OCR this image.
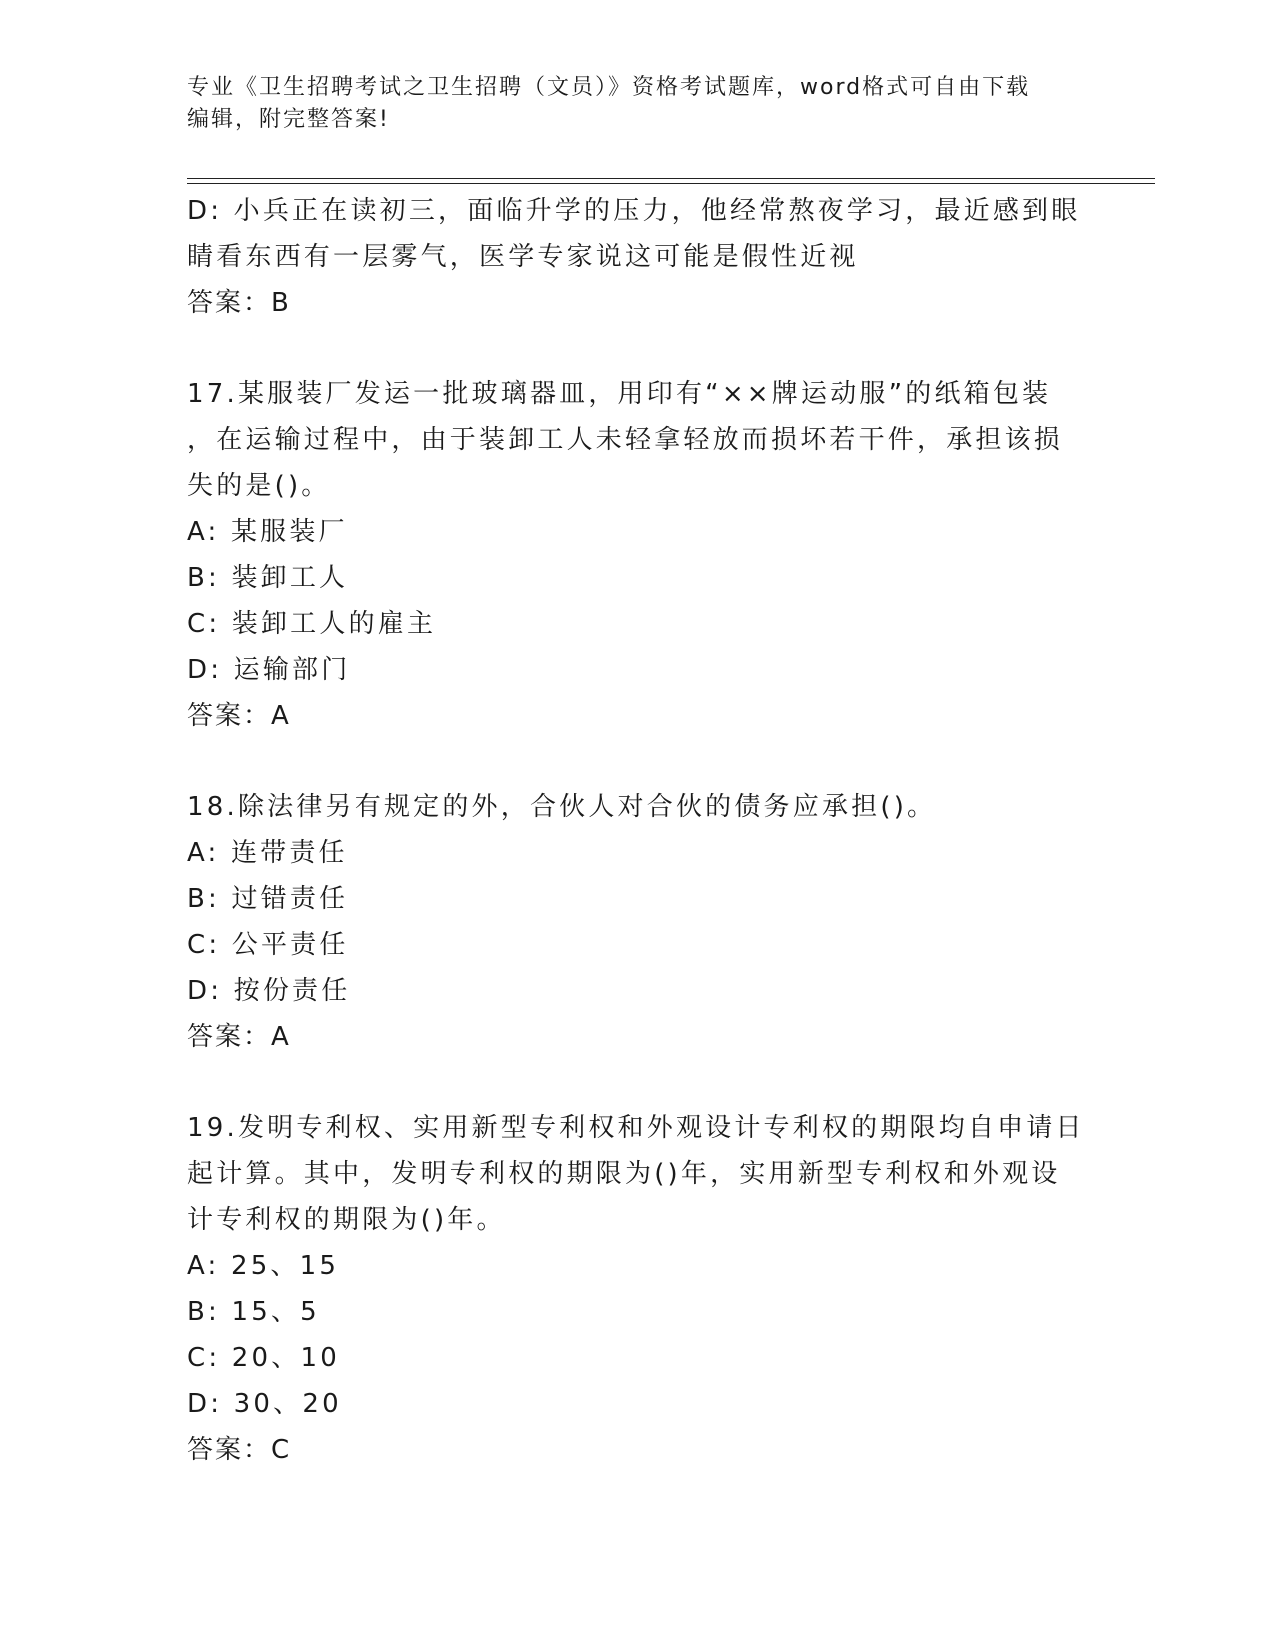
专业《卫生招聘考试之卫生招聘（文员）》资格考试题库，word格式可自由下载
编辑，附完整答案!
D: 小兵正在读初三，面临升学的压力，他经常熬夜学习，最近感到眼
睛看东西有一层雾气，医学专家说这可能是假性近视
答案：B
17.某服装厂发运一批玻璃器皿，用印有“××牌运动服”的纸箱包装
，在运输过程中，由于装卸工人未轻拿轻放而损坏若干件，承担该损
失的是()。
A: 某服装厂
B: 装卸工人
C: 装卸工人的雇主
D: 运输部门
答案：A
18.除法律另有规定的外，合伙人对合伙的债务应承担()。
A: 连带责任
B: 过错责任
C: 公平责任
D: 按份责任
答案：A
19.发明专利权、实用新型专利权和外观设计专利权的期限均自申请日
起计算。其中，发明专利权的期限为()年，实用新型专利权和外观设
计专利权的期限为()年。
A: 25、15
B: 15、5
C: 20、10
D: 30、20
答案：C
